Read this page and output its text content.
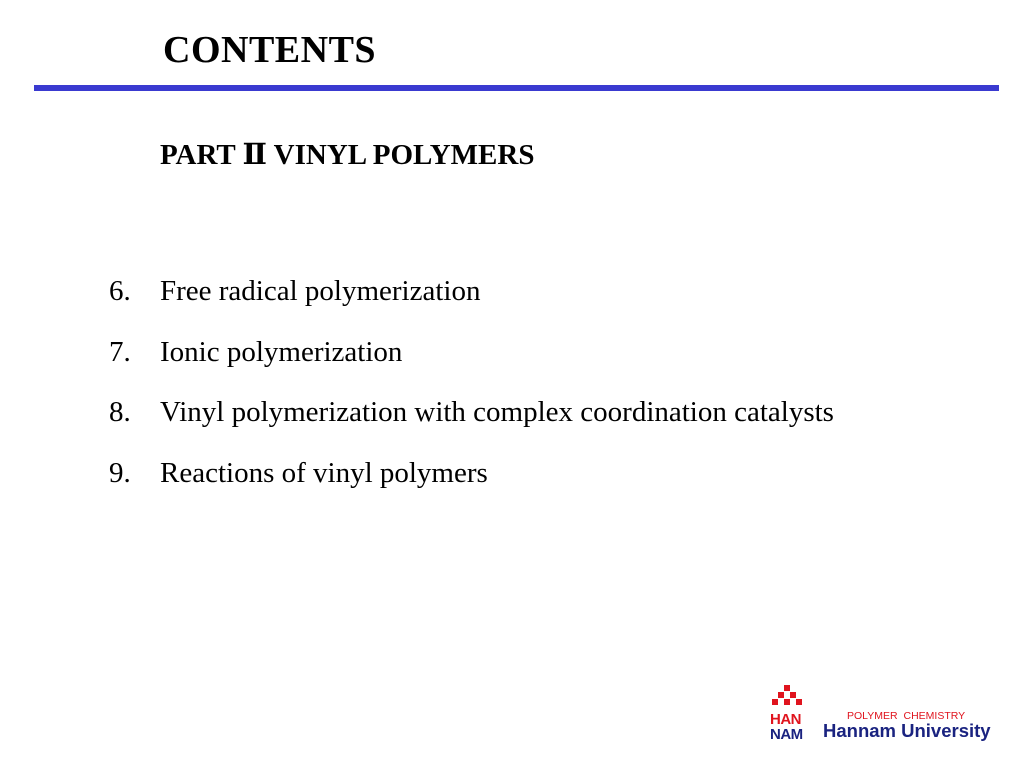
CONTENTS
PART Ⅱ VINYL POLYMERS
6.	Free radical polymerization
7.	Ionic polymerization
8.	Vinyl polymerization with complex coordination catalysts
9.	Reactions of vinyl polymers
HAN
NAM
POLYMER CHEMISTRY
Hannam University
